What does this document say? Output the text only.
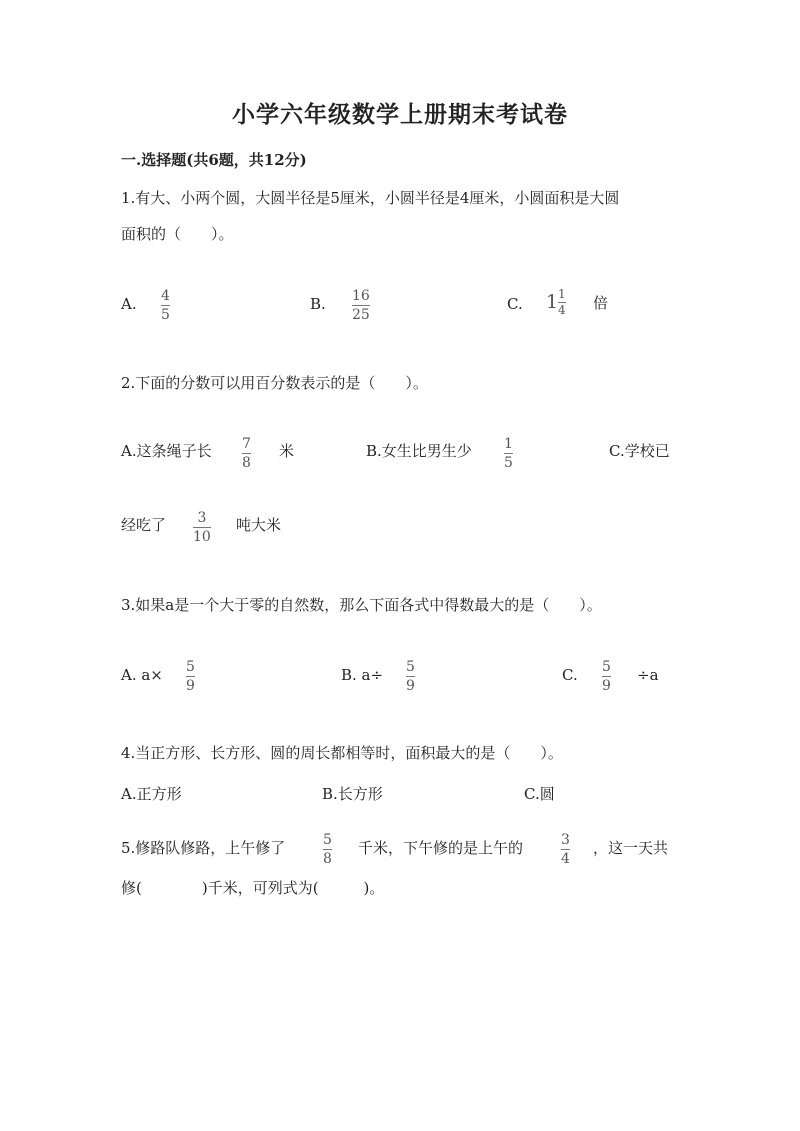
小学六年级数学上册期末考试卷
一.选择题(共6题，共12分)
1.有大、小两个圆，大圆半径是5厘米，小圆半径是4厘米，小圆面积是大圆
面积的（　　）。
A. 4
5
B. 16
25
C. 1 1
4 倍
2.下面的分数可以用百分数表示的是（　　）。
A.这条绳子长 7
8
米	B.女生比男生少 1
5
C.学校已
经吃了 3
10
吨大米
3.如果a是一个大于零的自然数，那么下面各式中得数最大的是（　　）。
A. a× 5
9
B. a÷ 5
9
C. 5
9
÷a
4.当正方形、长方形、圆的周长都相等时，面积最大的是（　　）。
A.正方形	B.长方形	C.圆
5.修路队修路，上午修了	5
8
千米，下午修的是上午的	3
4
，这一天共
修(　　　　)千米，可列式为(　　　)。
